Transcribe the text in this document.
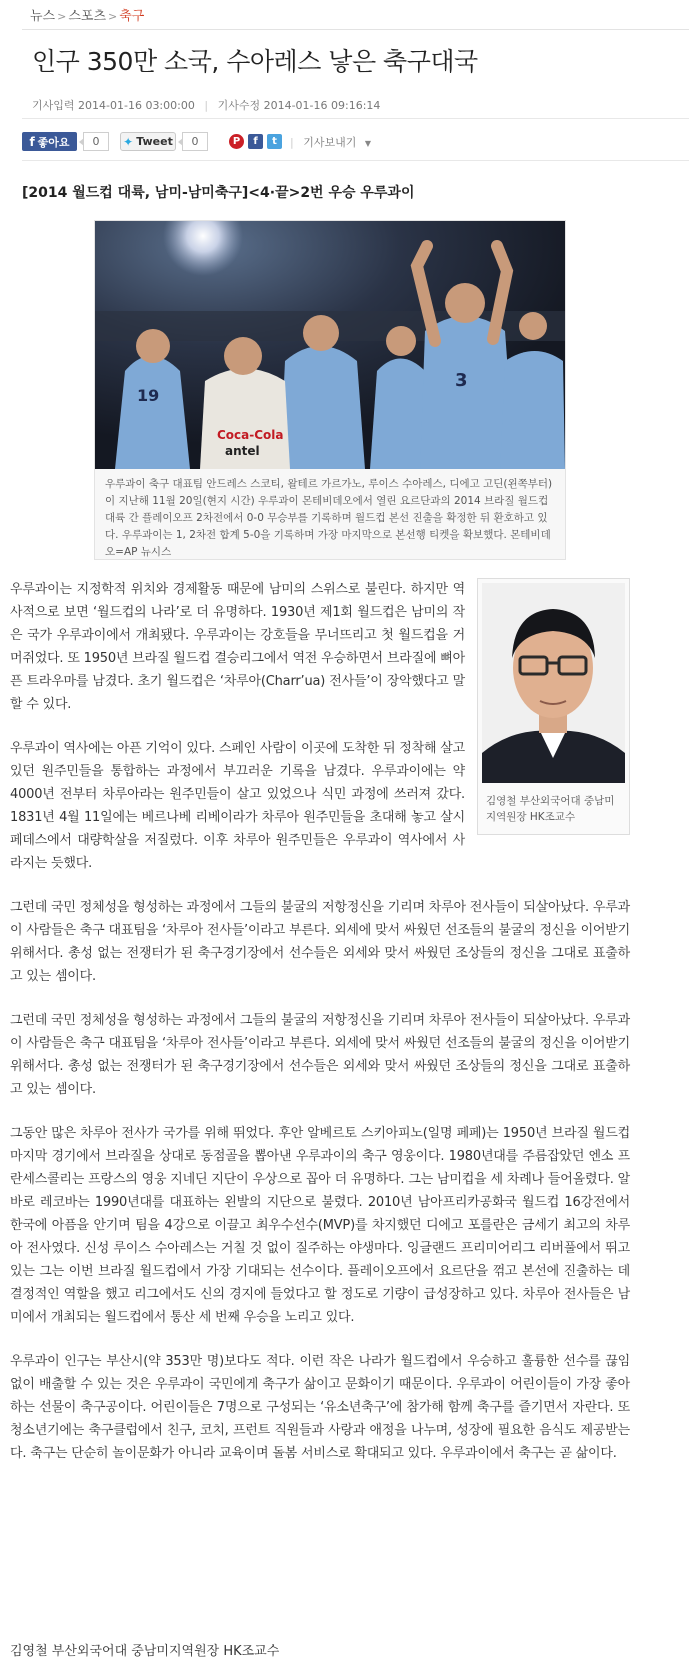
뉴스 > 스포츠 > 축구
인구 350만 소국, 수아레스 낳은 축구대국
기사입력 2014-01-16 03:00:00 | 기사수정 2014-01-16 09:16:14
f 좋아요	0	✦ Tweet	0	P	f	t	| 기사보내기 ▼
[2014 월드컵 대륙, 남미-남미축구]<4·끝>2번 우승 우루과이
19
3
Coca-Cola
antel
우루과이 축구 대표팀 안드레스 스코티, 왈테르 가르가노, 루이스 수아레스, 디에고 고딘(왼쪽부터)이 지난해 11월 20일(현지 시간) 우루과이 몬테비데오에서 열린 요르단과의 2014 브라질 월드컵 대륙 간 플레이오프 2차전에서 0-0 무승부를 기록하며 월드컵 본선 진출을 확정한 뒤 환호하고 있다. 우루과이는 1, 2차전 합계 5-0을 기록하며 가장 마지막으로 본선행 티켓을 확보했다. 몬테비데오=AP 뉴시스
김영철 부산외국어대 중남미지역원장 HK조교수

우루과이는 지정학적 위치와 경제활동 때문에 남미의 스위스로 불린다. 하지만 역사적으로 보면 ‘월드컵의 나라’로 더 유명하다. 1930년 제1회 월드컵은 남미의 작은 국가 우루과이에서 개최됐다. 우루과이는 강호들을 무너뜨리고 첫 월드컵을 거머쥐었다. 또 1950년 브라질 월드컵 결승리그에서 역전 우승하면서 브라질에 뼈아픈 트라우마를 남겼다. 초기 월드컵은 ‘차루아(Charr’ua) 전사들’이 장악했다고 말할 수 있다.

우루과이 역사에는 아픈 기억이 있다. 스페인 사람이 이곳에 도착한 뒤 정착해 살고 있던 원주민들을 통합하는 과정에서 부끄러운 기록을 남겼다. 우루과이에는 약 4000년 전부터 차루아라는 원주민들이 살고 있었으나 식민 과정에 쓰러져 갔다. 1831년 4월 11일에는 베르나베 리베이라가 차루아 원주민들을 초대해 놓고 살시페데스에서 대량학살을 저질렀다. 이후 차루아 원주민들은 우루과이 역사에서 사라지는 듯했다.

그런데 국민 정체성을 형성하는 과정에서 그들의 불굴의 저항정신을 기리며 차루아 전사들이 되살아났다. 우루과이 사람들은 축구 대표팀을 ‘차루아 전사들’이라고 부른다. 외세에 맞서 싸웠던 선조들의 불굴의 정신을 이어받기 위해서다. 총성 없는 전쟁터가 된 축구경기장에서 선수들은 외세와 맞서 싸웠던 조상들의 정신을 그대로 표출하고 있는 셈이다.

그런데 국민 정체성을 형성하는 과정에서 그들의 불굴의 저항정신을 기리며 차루아 전사들이 되살아났다. 우루과이 사람들은 축구 대표팀을 ‘차루아 전사들’이라고 부른다. 외세에 맞서 싸웠던 선조들의 불굴의 정신을 이어받기 위해서다. 총성 없는 전쟁터가 된 축구경기장에서 선수들은 외세와 맞서 싸웠던 조상들의 정신을 그대로 표출하고 있는 셈이다.

그동안 많은 차루아 전사가 국가를 위해 뛰었다. 후안 알베르토 스키아피노(일명 페페)는 1950년 브라질 월드컵 마지막 경기에서 브라질을 상대로 동점골을 뽑아낸 우루과이의 축구 영웅이다. 1980년대를 주름잡았던 엔소 프란세스콜리는 프랑스의 영웅 지네딘 지단이 우상으로 꼽아 더 유명하다. 그는 남미컵을 세 차례나 들어올렸다. 알바로 레코바는 1990년대를 대표하는 왼발의 지단으로 불렸다. 2010년 남아프리카공화국 월드컵 16강전에서 한국에 아픔을 안기며 팀을 4강으로 이끌고 최우수선수(MVP)를 차지했던 디에고 포를란은 금세기 최고의 차루아 전사였다. 신성 루이스 수아레스는 거칠 것 없이 질주하는 야생마다. 잉글랜드 프리미어리그 리버풀에서 뛰고 있는 그는 이번 브라질 월드컵에서 가장 기대되는 선수이다. 플레이오프에서 요르단을 꺾고 본선에 진출하는 데 결정적인 역할을 했고 리그에서도 신의 경지에 들었다고 할 정도로 기량이 급성장하고 있다. 차루아 전사들은 남미에서 개최되는 월드컵에서 통산 세 번째 우승을 노리고 있다.

우루과이 인구는 부산시(약 353만 명)보다도 적다. 이런 작은 나라가 월드컵에서 우승하고 훌륭한 선수를 끊임없이 배출할 수 있는 것은 우루과이 국민에게 축구가 삶이고 문화이기 때문이다. 우루과이 어린이들이 가장 좋아하는 선물이 축구공이다. 어린이들은 7명으로 구성되는 ‘유소년축구’에 참가해 함께 축구를 즐기면서 자란다. 또 청소년기에는 축구클럽에서 친구, 코치, 프런트 직원들과 사랑과 애정을 나누며, 성장에 필요한 음식도 제공받는다. 축구는 단순히 놀이문화가 아니라 교육이며 돌봄 서비스로 확대되고 있다. 우루과이에서 축구는 곧 삶이다.

김영철 부산외국어대 중남미지역원장 HK조교수
